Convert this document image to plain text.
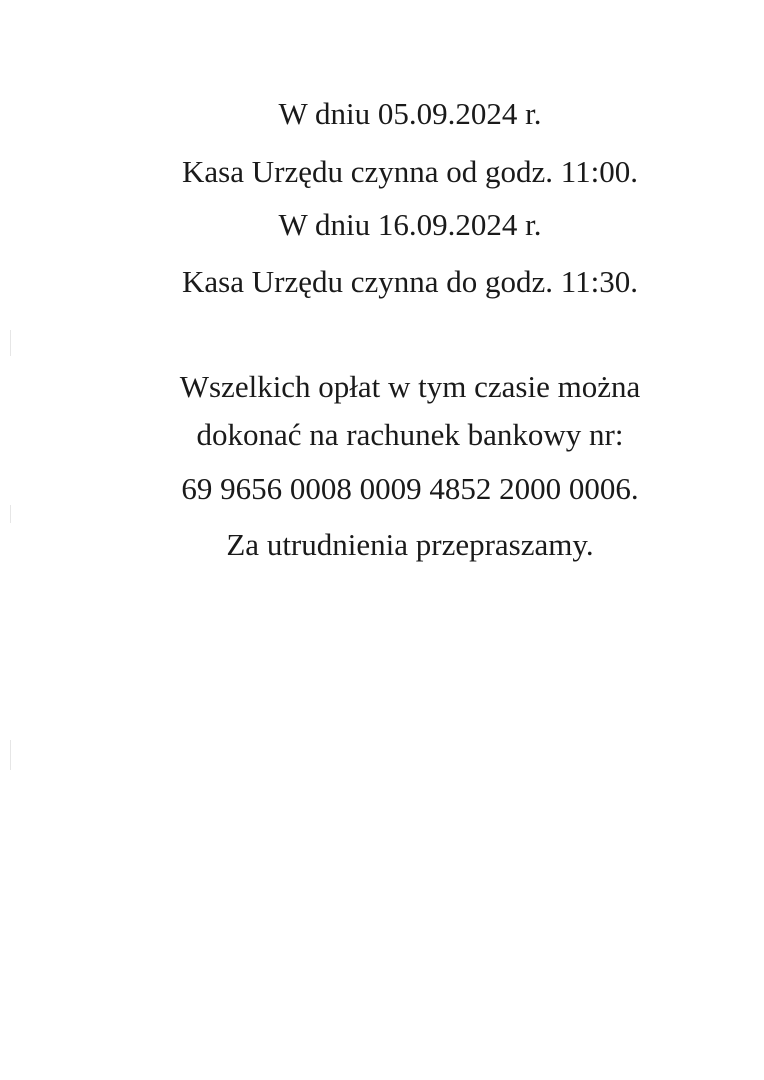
W dniu 05.09.2024 r.
Kasa Urzędu czynna od godz. 11:00.
W dniu 16.09.2024 r.
Kasa Urzędu czynna do godz. 11:30.
Wszelkich opłat w tym czasie można
dokonać na rachunek bankowy nr:
69 9656 0008 0009 4852 2000 0006.
Za utrudnienia przepraszamy.
